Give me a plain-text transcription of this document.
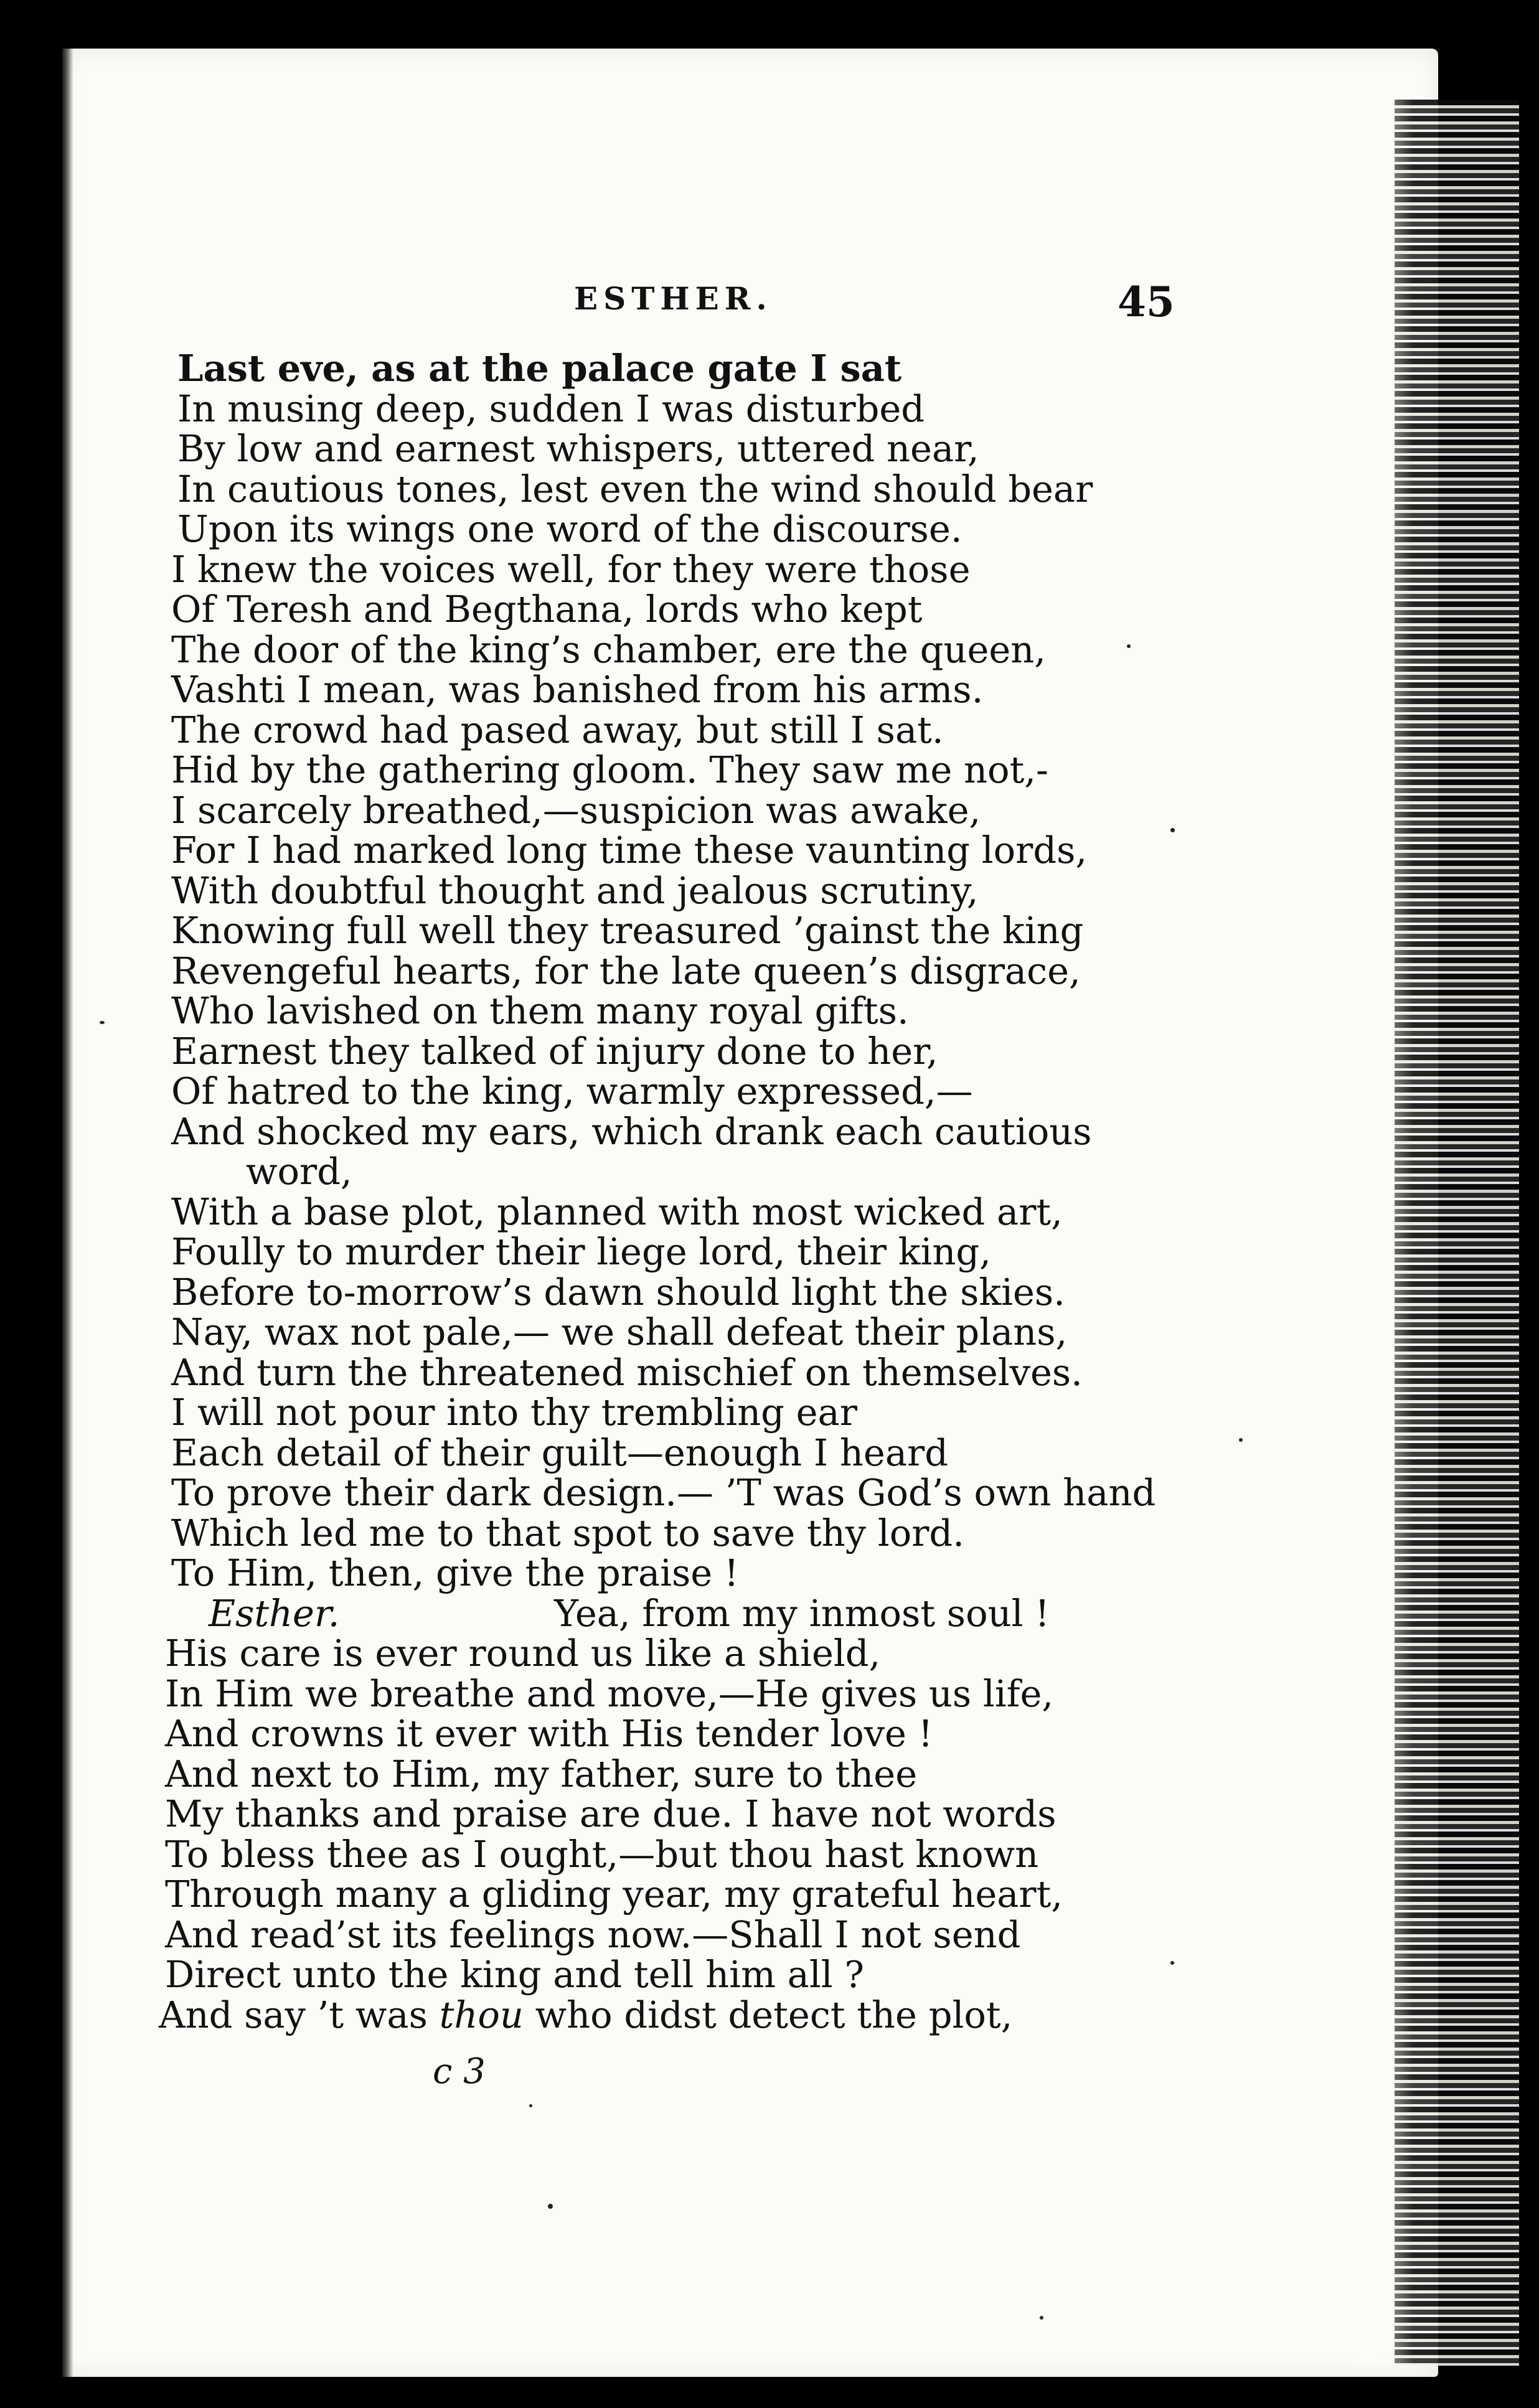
ESTHER.	45
Last eve, as at the palace gate I sat
In musing deep, sudden I was disturbed
By low and earnest whispers, uttered near,
In cautious tones, lest even the wind should bear
Upon its wings one word of the discourse.
I knew the voices well, for they were those
Of Teresh and Begthana, lords who kept
The door of the king’s chamber, ere the queen,
Vashti I mean, was banished from his arms.
The crowd had pased away, but still I sat.
Hid by the gathering gloom. They saw me not,-
I scarcely breathed,—suspicion was awake,
For I had marked long time these vaunting lords,
With doubtful thought and jealous scrutiny,
Knowing full well they treasured ’gainst the king
Revengeful hearts, for the late queen’s disgrace,
Who lavished on them many royal gifts.
Earnest they talked of injury done to her,
Of hatred to the king, warmly expressed,—
And shocked my ears, which drank each cautious
word,
With a base plot, planned with most wicked art,
Foully to murder their liege lord, their king,
Before to-morrow’s dawn should light the skies.
Nay, wax not pale,— we shall defeat their plans,
And turn the threatened mischief on themselves.
I will not pour into thy trembling ear
Each detail of their guilt—enough I heard
To prove their dark design.— ’T was God’s own hand
Which led me to that spot to save thy lord.
To Him, then, give the praise !
Esther.	Yea, from my inmost soul !
His care is ever round us like a shield,
In Him we breathe and move,—He gives us life,
And crowns it ever with His tender love !
And next to Him, my father, sure to thee
My thanks and praise are due. I have not words
To bless thee as I ought,—but thou hast known
Through many a gliding year, my grateful heart,
And read’st its feelings now.—Shall I not send
Direct unto the king and tell him all ?
And say ’t was thou who didst detect the plot,
c 3
